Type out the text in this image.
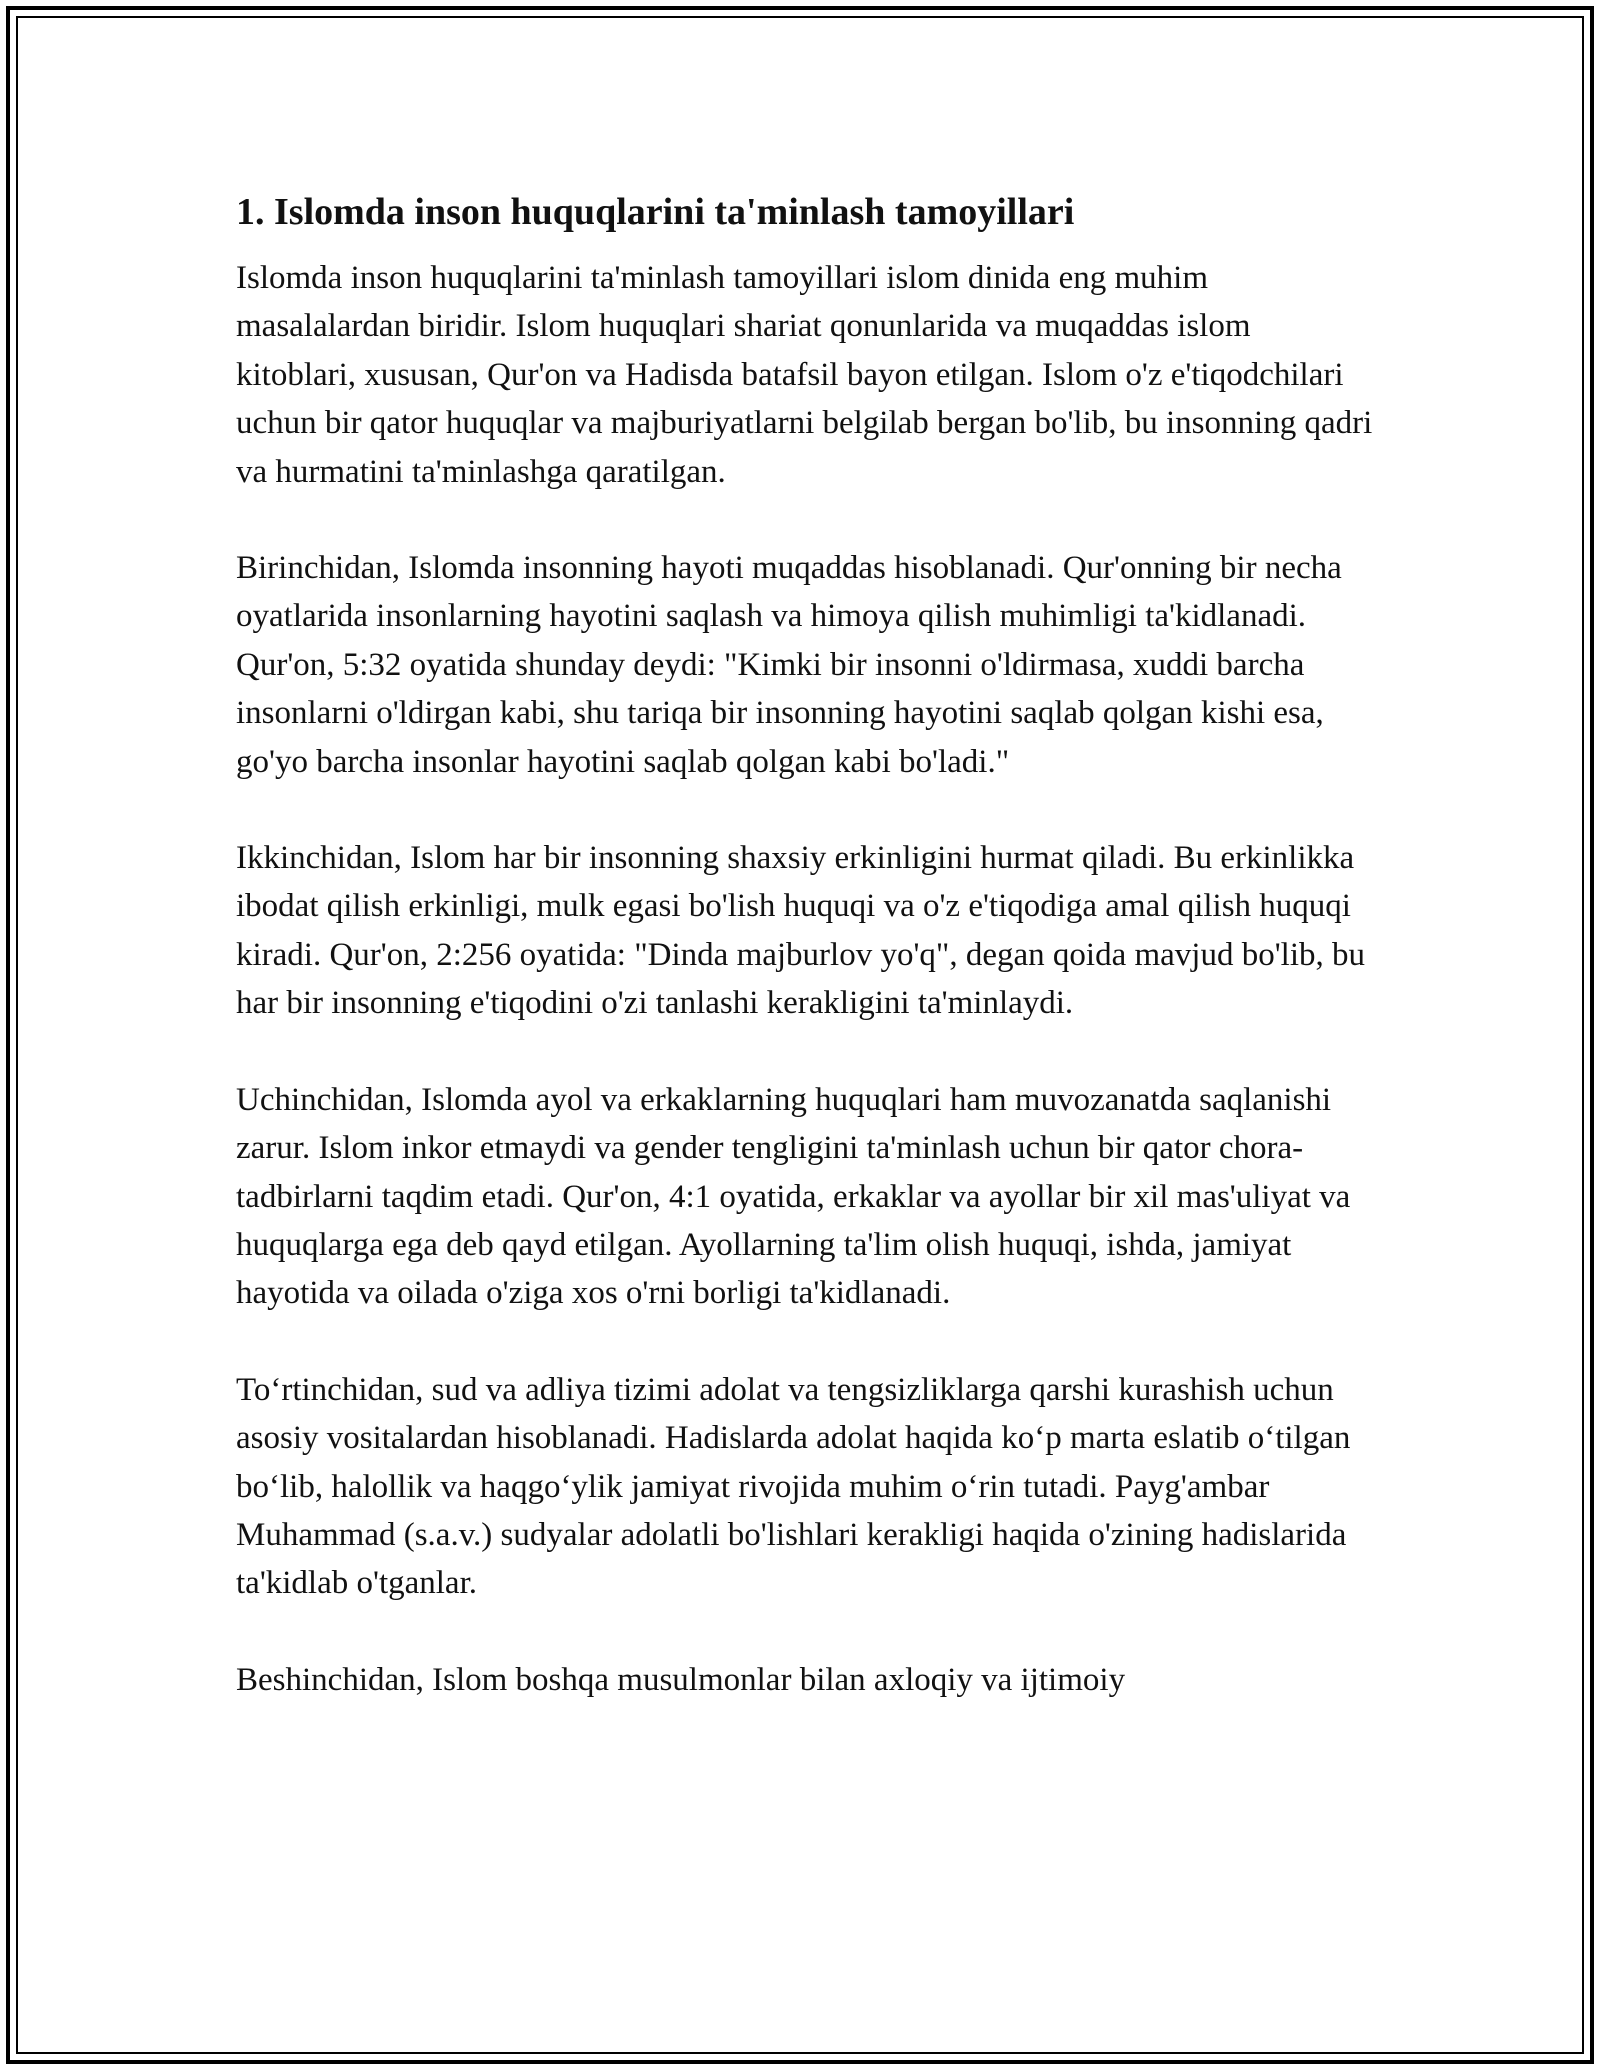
1. Islomda inson huquqlarini ta'minlash tamoyillari

Islomda inson huquqlarini ta'minlash tamoyillari islom dinida eng muhim masalalardan biridir. Islom huquqlari shariat qonunlarida va muqaddas islom kitoblari, xususan, Qur'on va Hadisda batafsil bayon etilgan. Islom o'z e'tiqodchilari uchun bir qator huquqlar va majburiyatlarni belgilab bergan bo'lib, bu insonning qadri va hurmatini ta'minlashga qaratilgan.

Birinchidan, Islomda insonning hayoti muqaddas hisoblanadi. Qur'onning bir necha oyatlarida insonlarning hayotini saqlash va himoya qilish muhimligi ta'kidlanadi. Qur'on, 5:32 oyatida shunday deydi: "Kimki bir insonni o'ldirmasa, xuddi barcha insonlarni o'ldirgan kabi, shu tariqa bir insonning hayotini saqlab qolgan kishi esa, go'yo barcha insonlar hayotini saqlab qolgan kabi bo'ladi."

Ikkinchidan, Islom har bir insonning shaxsiy erkinligini hurmat qiladi. Bu erkinlikka ibodat qilish erkinligi, mulk egasi bo'lish huquqi va o'z e'tiqodiga amal qilish huquqi kiradi. Qur'on, 2:256 oyatida: "Dinda majburlov yo'q", degan qoida mavjud bo'lib, bu har bir insonning e'tiqodini o'zi tanlashi kerakligini ta'minlaydi.

Uchinchidan, Islomda ayol va erkaklarning huquqlari ham muvozanatda saqlanishi zarur. Islom inkor etmaydi va gender tengligini ta'minlash uchun bir qator chora-tadbirlarni taqdim etadi. Qur'on, 4:1 oyatida, erkaklar va ayollar bir xil mas'uliyat va huquqlarga ega deb qayd etilgan. Ayollarning ta'lim olish huquqi, ishda, jamiyat hayotida va oilada o'ziga xos o'rni borligi ta'kidlanadi.

To‘rtinchidan, sud va adliya tizimi adolat va tengsizliklarga qarshi kurashish uchun asosiy vositalardan hisoblanadi. Hadislarda adolat haqida ko‘p marta eslatib o‘tilgan bo‘lib, halollik va haqgo‘ylik jamiyat rivojida muhim o‘rin tutadi. Payg'ambar Muhammad (s.a.v.) sudyalar adolatli bo'lishlari kerakligi haqida o'zining hadislarida ta'kidlab o'tganlar.

Beshinchidan, Islom boshqa musulmonlar bilan axloqiy va ijtimoiy
